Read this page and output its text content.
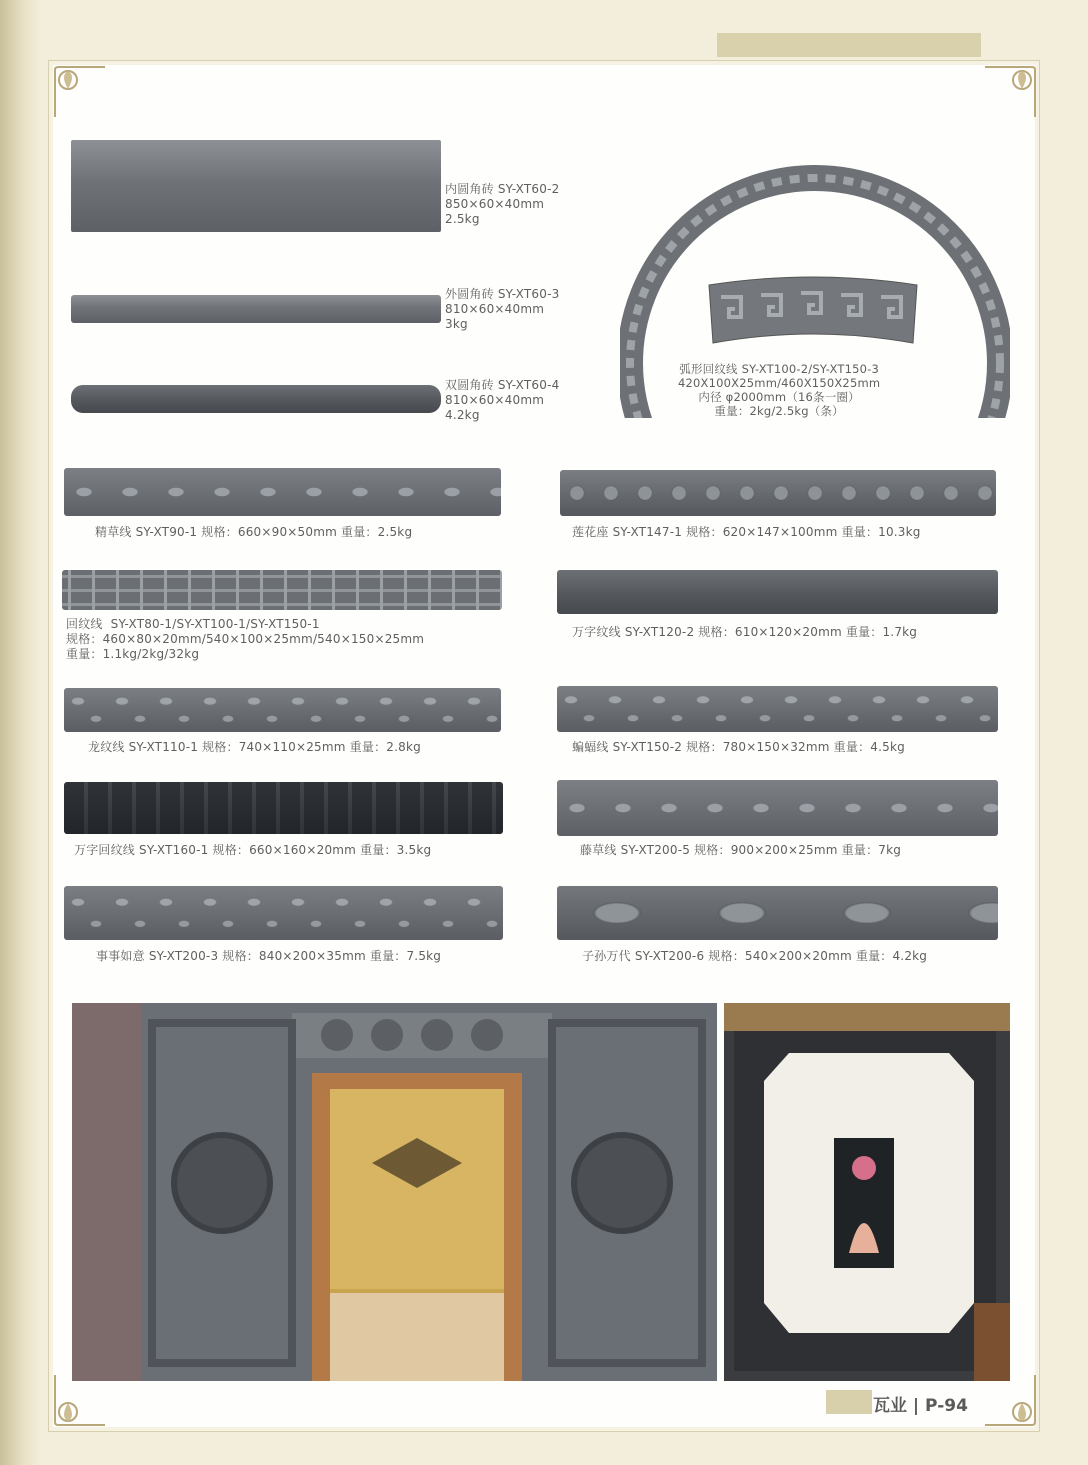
内圆角砖 SY-XT60-2
850×60×40mm
2.5kg
外圆角砖 SY-XT60-3
810×60×40mm
3kg
双圆角砖 SY-XT60-4
810×60×40mm
4.2kg
弧形回纹线 SY-XT100-2/SY-XT150-3
420X100X25mm/460X150X25mm
内径 φ2000mm（16条一圈）
重量：2kg/2.5kg（条）
精草线 SY-XT90-1 规格：660×90×50mm 重量：2.5kg
回纹线  SY-XT80-1/SY-XT100-1/SY-XT150-1
规格：460×80×20mm/540×100×25mm/540×150×25mm
重量：1.1kg/2kg/32kg
龙纹线 SY-XT110-1 规格：740×110×25mm 重量：2.8kg
万字回纹线 SY-XT160-1 规格：660×160×20mm 重量：3.5kg
事事如意 SY-XT200-3 规格：840×200×35mm 重量：7.5kg
莲花座 SY-XT147-1 规格：620×147×100mm 重量：10.3kg
万字纹线 SY-XT120-2 规格：610×120×20mm 重量：1.7kg
蝙蝠线 SY-XT150-2 规格：780×150×32mm 重量：4.5kg
藤草线 SY-XT200-5 规格：900×200×25mm 重量：7kg
子孙万代 SY-XT200-6 规格：540×200×20mm 重量：4.2kg
瓦业 | P-94
